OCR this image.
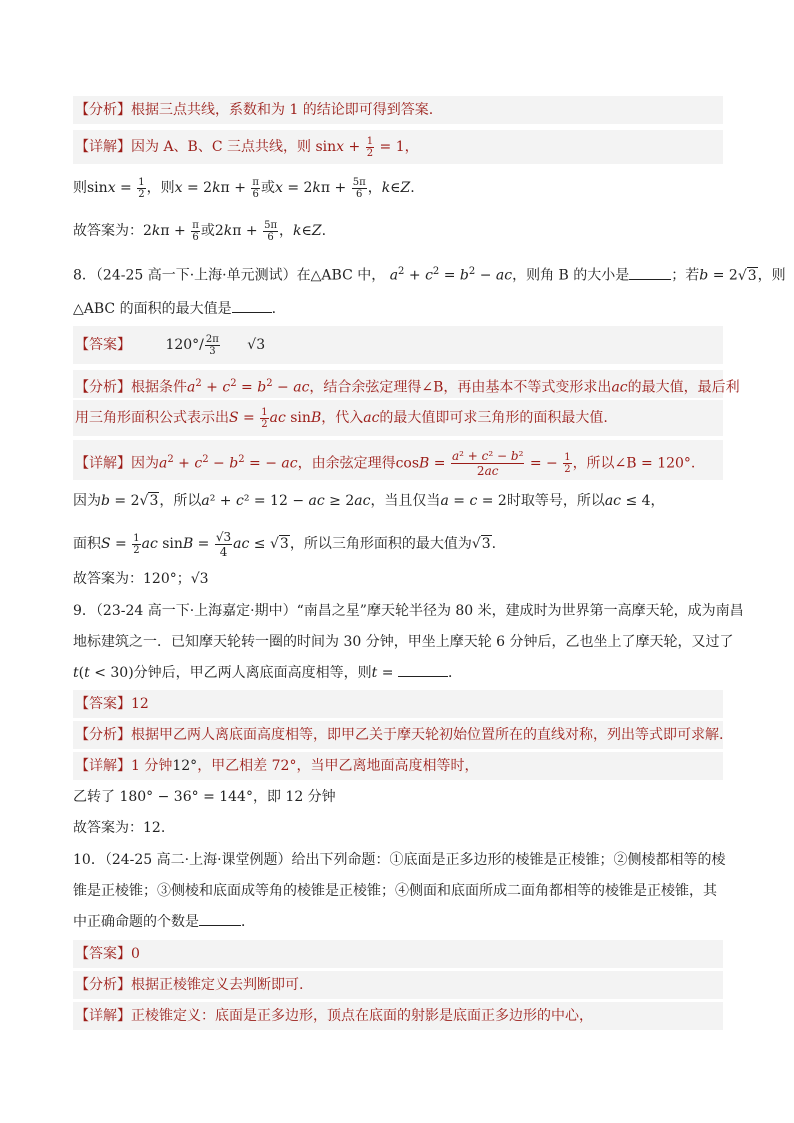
【分析】根据三点共线，系数和为 1 的结论即可得到答案.
【详解】因为 A、B、C 三点共线，则 $\sin x + \frac{1}{2} = 1$，
则$\sin x = \frac{1}{2}$ ，则$x = 2k\pi + \frac{\pi}{6}$ 或$x = 2k\pi + \frac{5\pi}{6}$ ，k∈Z.
故答案为：$2k\pi + \frac{\pi}{6}$ 或$2k\pi + \frac{5\pi}{6}$ ，k∈Z.
8．（24-25 高一下·上海·单元测试）在△ABC 中， $a^2 + c^2 = b^2$ − ac，则角 B 的大小是	；若b = 2√3，则
△ABC 的面积的最大值是	.
【答案】 $120^\circ/ \frac{2\pi}{3} √3$
【分析】根据条件$a^2 + c^2 = b^2$ − ac，结合余弦定理得∠B，再由基本不等式变形求出ac的最大值，最后利
用三角形面积公式表示出$S = \frac{1}{2}$ ac sinB，代入ac的最大值即可求三角形的面积最大值.
【详解】因为$a^2 + c^2 - b^2$ = − ac，由余弦定理得$\cos B = \frac{\text{a² + c² − b²}}{2ac}$ = − $\frac{1}{2}$ ，所以∠B = 120°.
因为b = 2√3，所以a² + c² = 12 − ac ≥ 2ac，当且仅当a = c = 2时取等号，所以ac ≤ 4，
面积$S = \frac{1}{2}$ ac $\sin B = \frac{√3}{4}$ ac ≤ √3，所以三角形面积的最大值为√3.
故答案为：120°；√3
9．（23-24 高一下·上海嘉定·期中）“南昌之星”摩天轮半径为 80 米，建成时为世界第一高摩天轮，成为南昌
地标建筑之一．已知摩天轮转一圈的时间为 30 分钟，甲坐上摩天轮 6 分钟后，乙也坐上了摩天轮，又过了
t(t < 30)分钟后，甲乙两人离底面高度相等，则t =	．
【答案】12
【分析】根据甲乙两人离底面高度相等，即甲乙关于摩天轮初始位置所在的直线对称，列出等式即可求解.
【详解】1 分钟12°，甲乙相差 72°，当甲乙离地面高度相等时，
乙转了 180° − 36° = 144°，即 12 分钟
故答案为：12.
10．（24-25 高二·上海·课堂例题）给出下列命题：①底面是正多边形的棱锥是正棱锥；②侧棱都相等的棱
锥是正棱锥；③侧棱和底面成等角的棱锥是正棱锥；④侧面和底面所成二面角都相等的棱锥是正棱锥，其
中正确命题的个数是	．
【答案】0
【分析】根据正棱锥定义去判断即可.
【详解】正棱锥定义：底面是正多边形，顶点在底面的射影是底面正多边形的中心，
